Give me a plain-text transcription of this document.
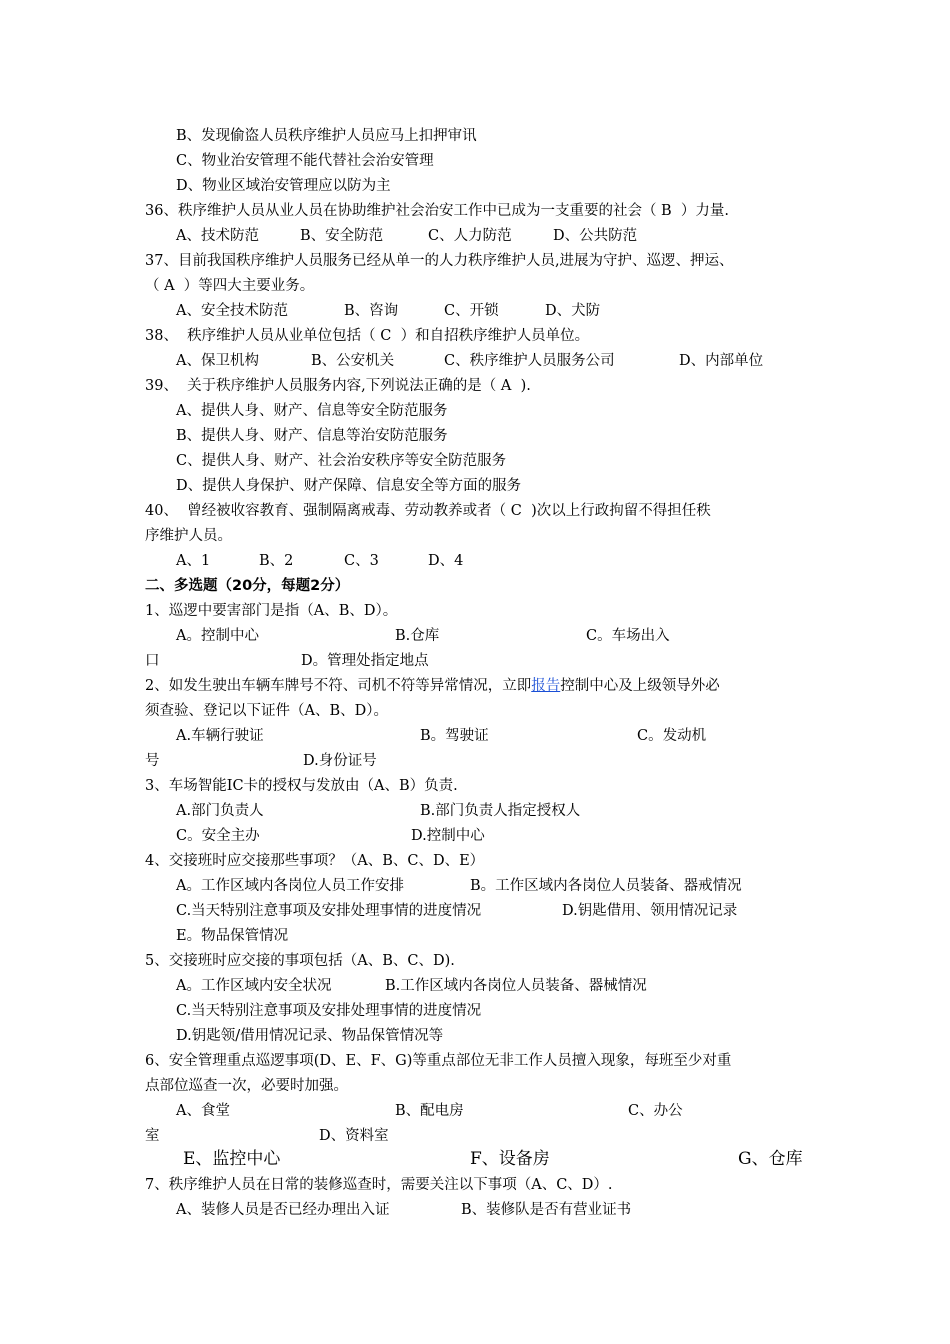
B、发现偷盗人员秩序维护人员应马上扣押审讯
C、物业治安管理不能代替社会治安管理
D、物业区域治安管理应以防为主
36、秩序维护人员从业人员在协助维护社会治安工作中已成为一支重要的社会（ B  ）力量.
A、技术防范	B、安全防范	C、人力防范	D、公共防范
37、目前我国秩序维护人员服务已经从单一的人力秩序维护人员,进展为守护、巡逻、押运、
（ A  ）等四大主要业务。
A、安全技术防范	B、咨询	C、开锁	D、犬防
38、  秩序维护人员从业单位包括（ C  ）和自招秩序维护人员单位。
A、保卫机构	B、公安机关	C、秩序维护人员服务公司	D、内部单位
39、  关于秩序维护人员服务内容,下列说法正确的是（ A  ).
A、提供人身、财产、信息等安全防范服务
B、提供人身、财产、信息等治安防范服务
C、提供人身、财产、社会治安秩序等安全防范服务
D、提供人身保护、财产保障、信息安全等方面的服务
40、  曾经被收容教育、强制隔离戒毒、劳动教养或者（ C  )次以上行政拘留不得担任秩
序维护人员。
A、1	B、2	C、3	D、4
二、多选题（20分，每题2分）
1、巡逻中要害部门是指（A、B、D）。
A。控制中心	B.仓库	C。车场出入
口	D。管理处指定地点
2、如发生驶出车辆车牌号不符、司机不符等异常情况，立即报告控制中心及上级领导外必
须查验、登记以下证件（A、B、D）。
A.车辆行驶证	B。驾驶证	C。发动机
号	D.身份证号
3、车场智能IC卡的授权与发放由（A、B）负责.
A.部门负责人	B.部门负责人指定授权人
C。安全主办	D.控制中心
4、交接班时应交接那些事项？（A、B、C、D、E）
A。工作区域内各岗位人员工作安排	B。工作区域内各岗位人员装备、器戒情况
C.当天特别注意事项及安排处理事情的进度情况	D.钥匙借用、领用情况记录
E。物品保管情况
5、交接班时应交接的事项包括（A、B、C、D).
A。工作区域内安全状况	B.工作区域内各岗位人员装备、器械情况
C.当天特别注意事项及安排处理事情的进度情况
D.钥匙领/借用情况记录、物品保管情况等
6、安全管理重点巡逻事项(D、E、F、G)等重点部位无非工作人员擅入现象，每班至少对重
点部位巡查一次，必要时加强。
A、食堂	B、配电房	C、办公
室	D、资料室
E、监控中心	F、设备房	G、仓库
7、秩序维护人员在日常的装修巡查时，需要关注以下事项（A、C、D）.
A、装修人员是否已经办理出入证	B、装修队是否有营业证书
